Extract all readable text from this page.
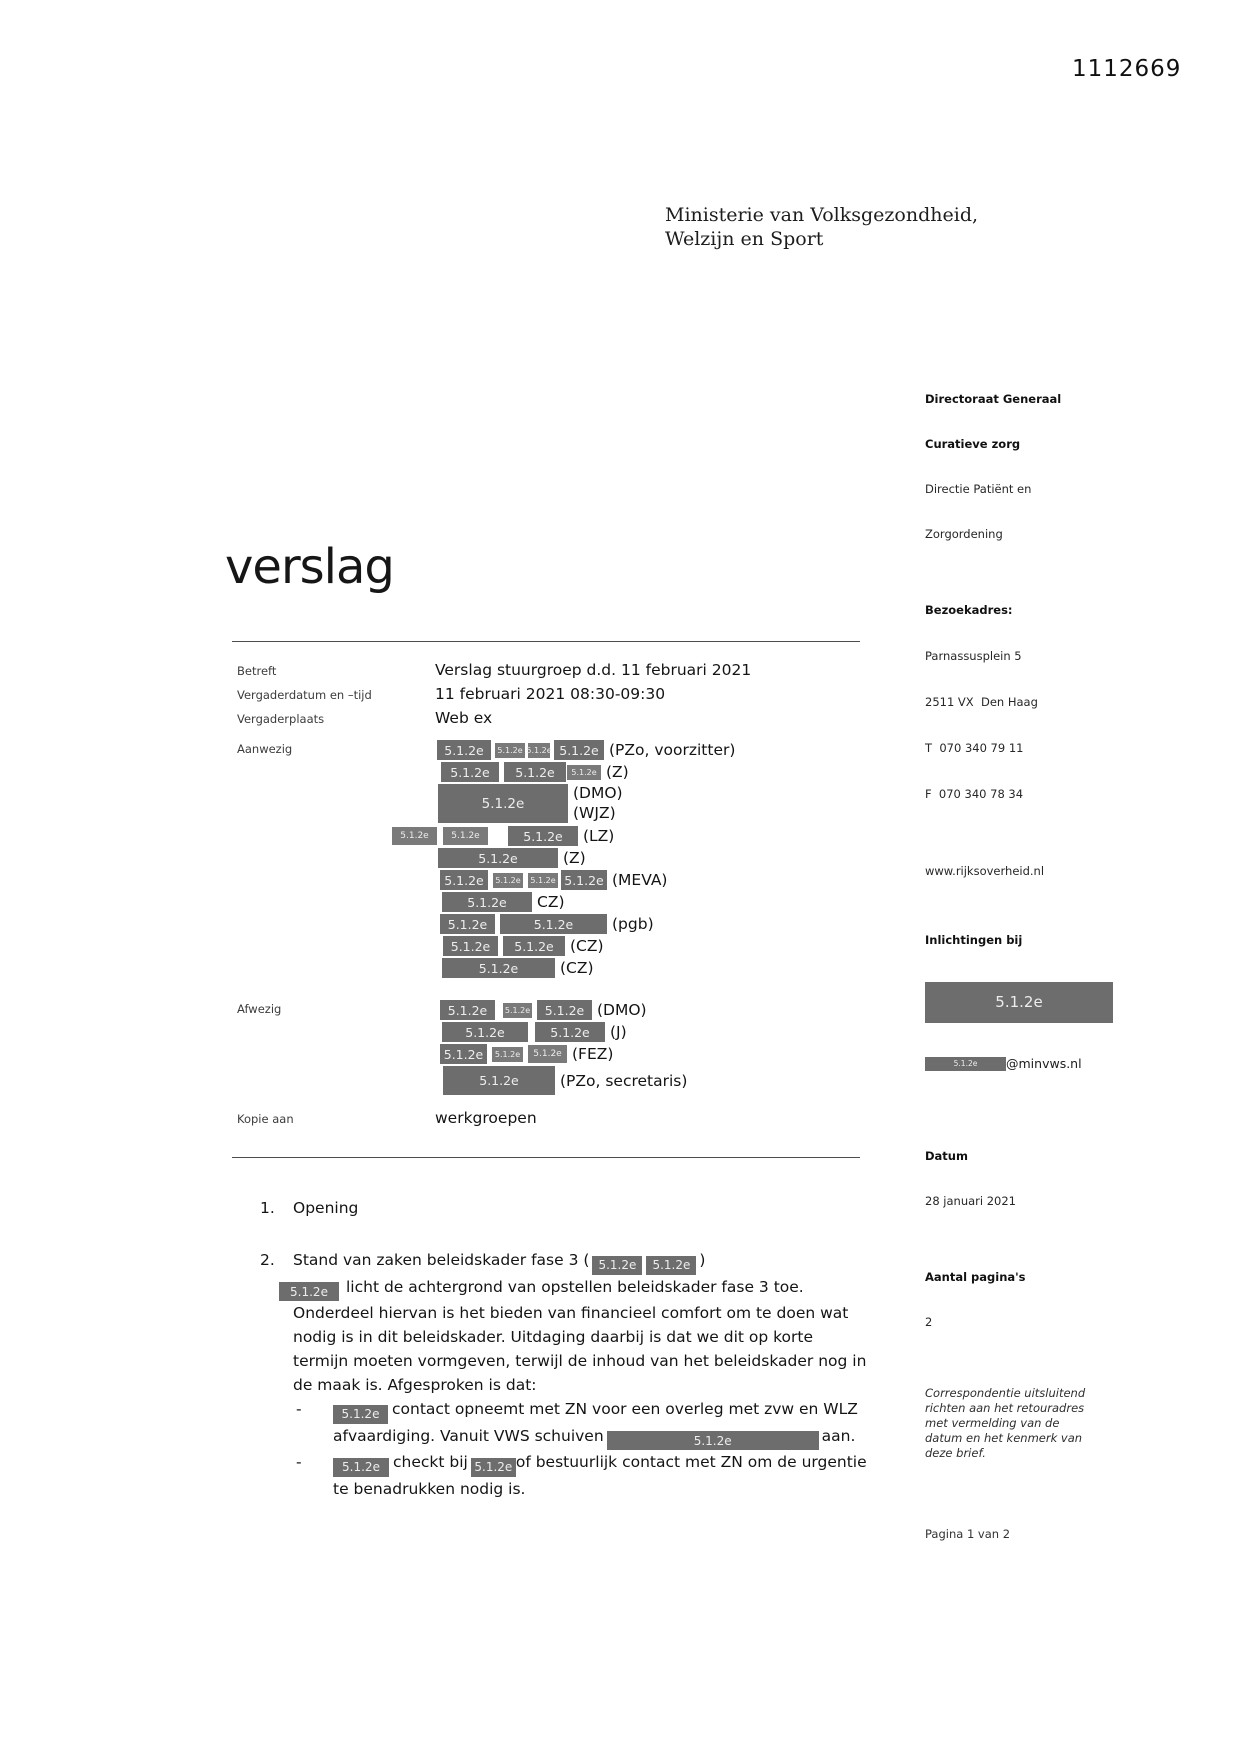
1112669
Ministerie van Volksgezondheid,
Welzijn en Sport

Directoraat Generaal

Curatieve zorg

Directie Patiënt en

Zorgordening

Bezoekadres:

Parnassusplein 5

2511 VX  Den Haag

T  070 340 79 11

F  070 340 78 34

www.rijksoverheid.nl

Inlichtingen bij

5.1.2e

5.1.2e	@minvws.nl

Datum

28 januari 2021

Aantal pagina's

2

Correspondentie uitsluitend richten aan het retouradres met vermelding van de datum en het kenmerk van deze brief.

verslag
Betreft	Verslag stuurgroep d.d. 11 februari 2021
Vergaderdatum en –tijd	11 februari 2021 08:30-09:30
Vergaderplaats	Web ex
Aanwezig	5.1.2e	5.1.2e 5.1.2e 5.1.2e (PZo, voorzitter)
5.1.2e	5.1.2e	5.1.2e (Z)
5.1.2e
(DMO)
(WJZ)
5.1.2e	5.1.2e	5.1.2e	(LZ)
5.1.2e	(Z)
5.1.2e	5.1.2e 5.1.2e 5.1.2e (MEVA)
5.1.2e	CZ)
5.1.2e	5.1.2e	(pgb)
5.1.2e	5.1.2e	(CZ)
5.1.2e	(CZ)
Afwezig	5.1.2e	5.1.2e	5.1.2e (DMO)
5.1.2e	5.1.2e	(J)
5.1.2e	5.1.2e	5.1.2e (FEZ)
5.1.2e	(PZo, secretaris)
Kopie aan	werkgroepen
1.	Opening
2.	Stand van zaken beleidskader fase 3 ( 5.1.2e 5.1.2e )
5.1.2e licht de achtergrond van opstellen beleidskader fase 3 toe. Onderdeel hiervan is het bieden van financieel comfort om te doen wat nodig is in dit beleidskader. Uitdaging daarbij is dat we dit op korte termijn moeten vormgeven, terwijl de inhoud van het beleidskader nog in de maak is. Afgesproken is dat:
-	5.1.2e contact opneemt met ZN voor een overleg met zvw en WLZ
afvaardiging. Vanuit VWS schuiven	5.1.2e	aan.
-	5.1.2e checkt bij 5.1.2e of bestuurlijk contact met ZN om de urgentie te benadrukken nodig is.
Pagina 1 van 2
